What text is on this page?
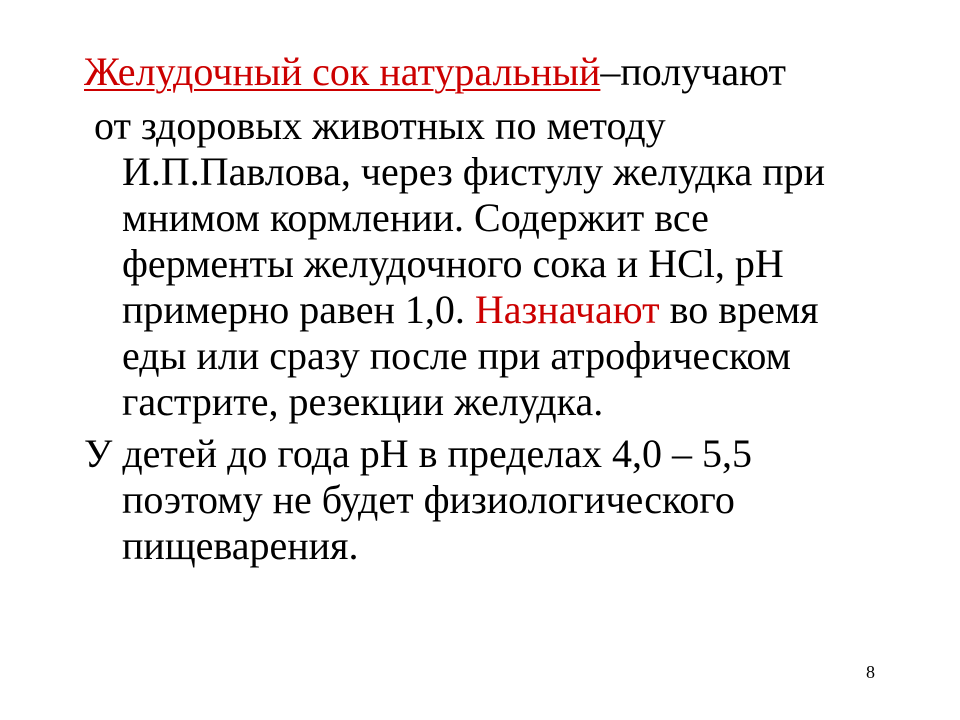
Желудочный сок натуральный–получают
от здоровых животных по методу
И.П.Павлова, через фистулу желудка при
мнимом кормлении. Содержит все
ферменты желудочного сока и HCl, pH
примерно равен 1,0. Назначают во время
еды или сразу после при атрофическом
гастрите, резекции желудка.
У детей до года pH в пределах 4,0 – 5,5
поэтому не будет физиологического
пищеварения.
8
